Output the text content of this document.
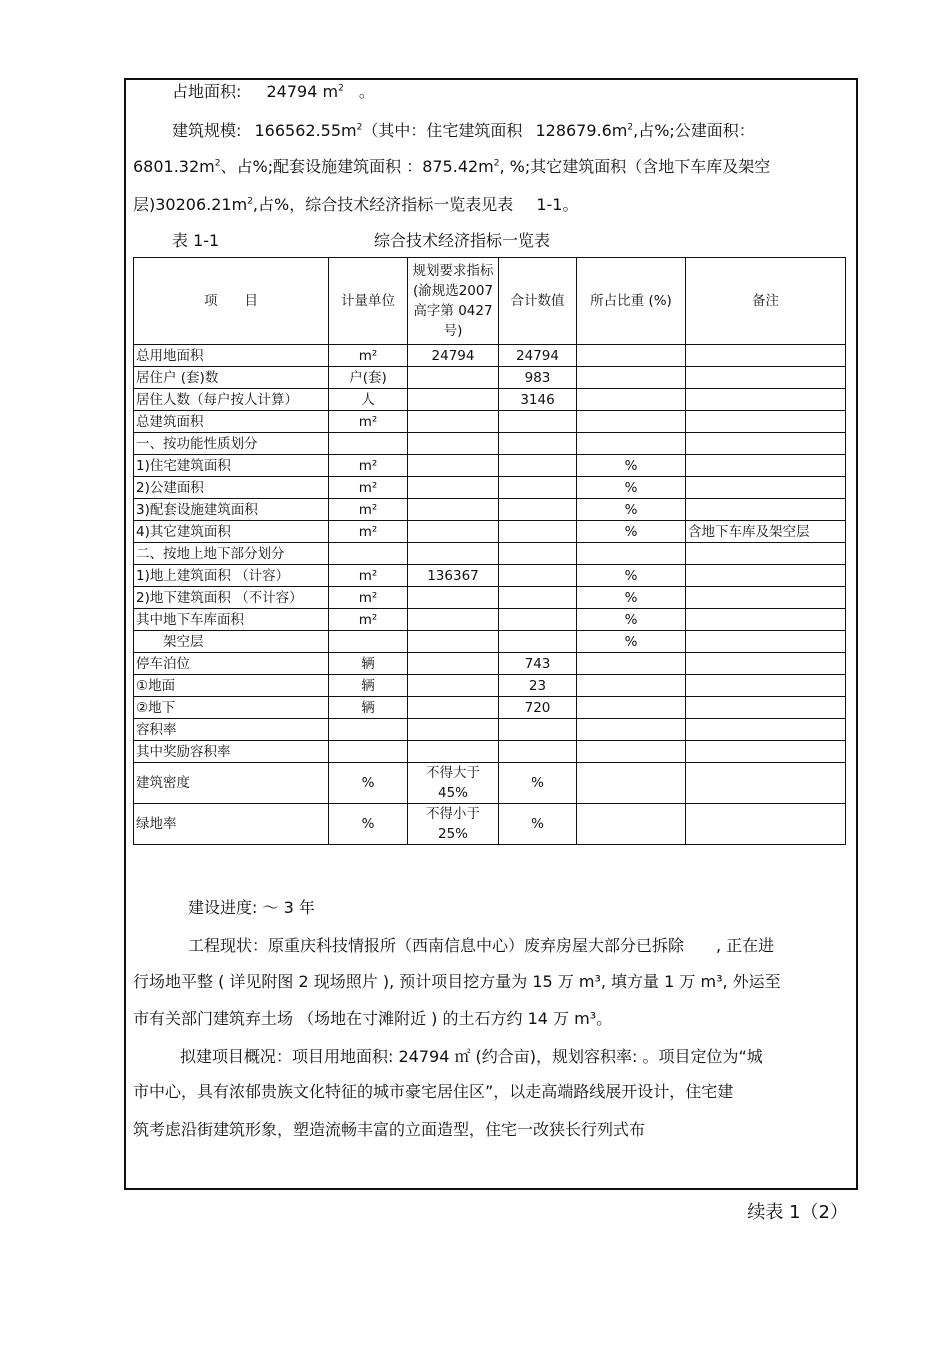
占地面积: 24794 $m^2$ 。
建筑规模: $166562.55m^2$（其中：住宅建筑面积 $128679.6m^2$,占%;公建面积：
$6801.32m^2$、占%;配套设施建筑面积 ：$875.42m^2$, %;其它建筑面积（含地下车库及架空
层)$30206.21m^2$,占%，综合技术经济指标一览表见表 1-1。
表 1-1	综合技术经济指标一览表
项　　目	计量单位	规划要求指标(渝规选2007 高字第 0427 号)	合计数值	所占比重 (%)	备注
总用地面积	m²	24794	24794		
居住户 (套)数	户(套)		983		
居住人数（每户按人计算）	人		3146		
总建筑面积	m²				
一、按功能性质划分					
1)住宅建筑面积	m²			%	
2)公建面积	m²			%	
3)配套设施建筑面积	m²			%	
4)其它建筑面积	m²			%	含地下车库及架空层
二、按地上地下部分划分					
1)地上建筑面积 （计容）	m²	136367		%	
2)地下建筑面积 （不计容）	m²			%	
其中地下车库面积	m²			%	
　　架空层				%	
停车泊位	辆		743		
①地面	辆		23		
②地下	辆		720		
容积率					
其中奖励容积率					
建筑密度	%	不得大于 45%	%		
绿地率	%	不得小于 25%	%		
建设进度: ～ 3 年
工程现状：原重庆科技情报所（西南信息中心）废弃房屋大部分已拆除　　, 正在进
行场地平整 ( 详见附图 2 现场照片 ), 预计项目挖方量为 15 万 m³, 填方量 1 万 m³, 外运至
市有关部门建筑弃土场 （场地在寸滩附近 ) 的土石方约 14 万 m³。
拟建项目概况：项目用地面积: 24794 ㎡ (约合亩)，规划容积率: 。项目定位为“城
市中心，具有浓郁贵族文化特征的城市豪宅居住区”，以走高端路线展开设计，住宅建
筑考虑沿街建筑形象，塑造流畅丰富的立面造型，住宅一改狭长行列式布
续表 1（2）
